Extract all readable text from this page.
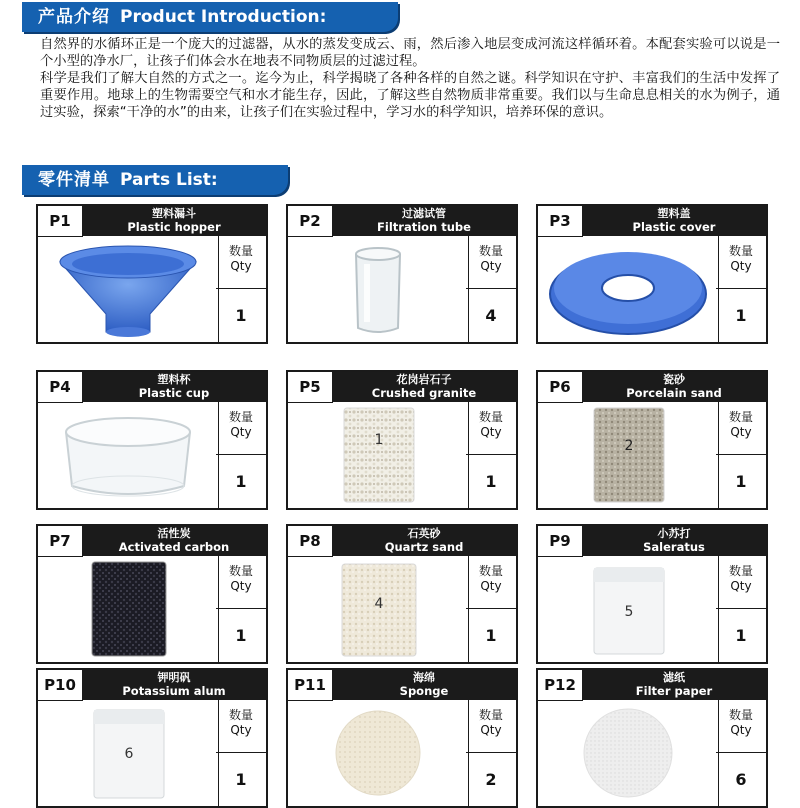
产品介绍 Product Introduction:

自然界的水循环正是一个庞大的过滤器，从水的蒸发变成云、雨，然后渗入地层变成河流这样循环着。本配套实验可以说是一个小型的净水厂，让孩子们体会水在地表不同物质层的过滤过程。

科学是我们了解大自然的方式之一。迄今为止，科学揭晓了各种各样的自然之谜。科学知识在守护、丰富我们的生活中发挥了重要作用。地球上的生物需要空气和水才能生存，因此，了解这些自然物质非常重要。我们以与生命息息相关的水为例子，通过实验，探索“干净的水”的由来，让孩子们在实验过程中，学习水的科学知识，培养环保的意识。

零件清单 Parts List:
P1	塑料漏斗
Plastic hopper
数量
Qty
1
P2	过滤试管
Filtration tube
数量
Qty
4
P3	塑料盖
Plastic cover
数量
Qty
1
P4	塑料杯
Plastic cup
数量
Qty
1
P5	花岗岩石子
Crushed granite
1
数量
Qty
1
P6	瓷砂
Porcelain sand
2
数量
Qty
1
P7	活性炭
Activated carbon
数量
Qty
1
P8	石英砂
Quartz sand
4
数量
Qty
1
P9	小苏打
Saleratus
5
数量
Qty
1
P10	钾明矾
Potassium alum
6
数量
Qty
1
P11	海绵
Sponge
数量
Qty
2
P12	滤纸
Filter paper
数量
Qty
6
